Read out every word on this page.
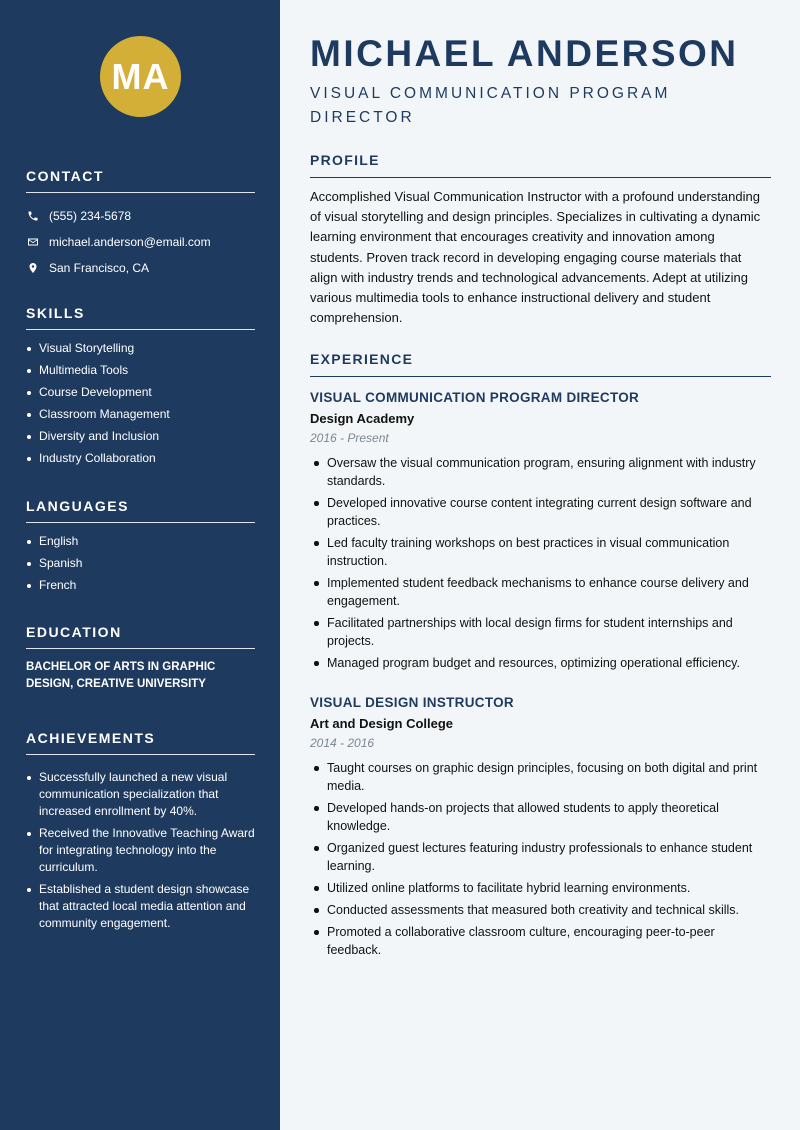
MA
CONTACT
(555) 234-5678
michael.anderson@email.com
San Francisco, CA
SKILLS
Visual Storytelling
Multimedia Tools
Course Development
Classroom Management
Diversity and Inclusion
Industry Collaboration
LANGUAGES
English
Spanish
French
EDUCATION
BACHELOR OF ARTS IN GRAPHIC DESIGN, CREATIVE UNIVERSITY
ACHIEVEMENTS
Successfully launched a new visual communication specialization that increased enrollment by 40%.
Received the Innovative Teaching Award for integrating technology into the curriculum.
Established a student design showcase that attracted local media attention and community engagement.
MICHAEL ANDERSON
VISUAL COMMUNICATION PROGRAM DIRECTOR
PROFILE

Accomplished Visual Communication Instructor with a profound understanding of visual storytelling and design principles. Specializes in cultivating a dynamic learning environment that encourages creativity and innovation among students. Proven track record in developing engaging course materials that align with industry trends and technological advancements. Adept at utilizing various multimedia tools to enhance instructional delivery and student comprehension.

EXPERIENCE
VISUAL COMMUNICATION PROGRAM DIRECTOR
Design Academy
2016 - Present
Oversaw the visual communication program, ensuring alignment with industry standards.
Developed innovative course content integrating current design software and practices.
Led faculty training workshops on best practices in visual communication instruction.
Implemented student feedback mechanisms to enhance course delivery and engagement.
Facilitated partnerships with local design firms for student internships and projects.
Managed program budget and resources, optimizing operational efficiency.
VISUAL DESIGN INSTRUCTOR
Art and Design College
2014 - 2016
Taught courses on graphic design principles, focusing on both digital and print media.
Developed hands-on projects that allowed students to apply theoretical knowledge.
Organized guest lectures featuring industry professionals to enhance student learning.
Utilized online platforms to facilitate hybrid learning environments.
Conducted assessments that measured both creativity and technical skills.
Promoted a collaborative classroom culture, encouraging peer-to-peer feedback.
